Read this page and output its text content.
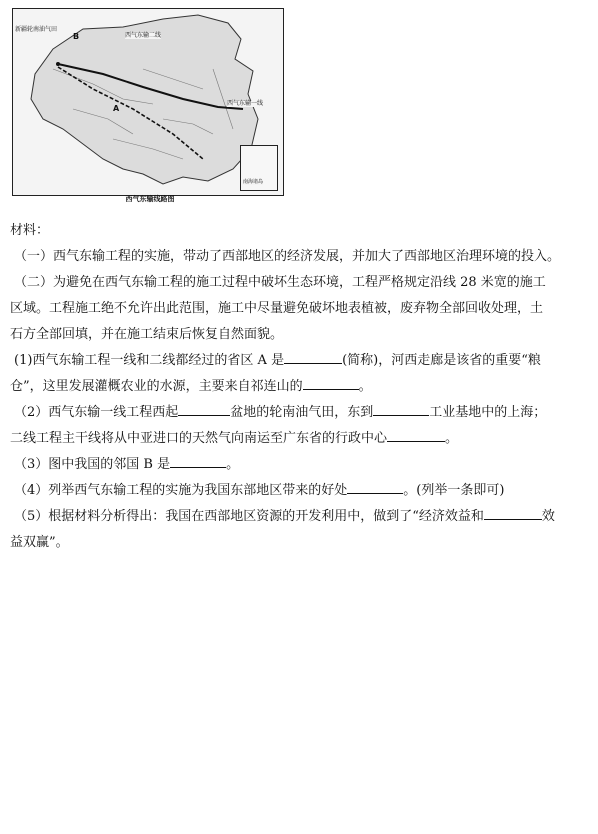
B
新疆轮南油气田
西气东输二线
西气东输一线
A
南海诸岛
西气东输线路图
材料：
（一）西气东输工程的实施，带动了西部地区的经济发展，并加大了西部地区治理环境的投入。
（二）为避免在西气东输工程的施工过程中破坏生态环境，工程严格规定沿线 28 米宽的施工
区域。工程施工绝不允许出此范围，施工中尽量避免破坏地表植被，废弃物全部回收处理，土
石方全部回填，并在施工结束后恢复自然面貌。
(1)西气东输工程一线和二线都经过的省区 A 是	(简称)，河西走廊是该省的重要“粮
仓”，这里发展灌概农业的水源，主要来自祁连山的	。
（2）西气东输一线工程西起	盆地的轮南油气田，东到	工业基地中的上海；
二线工程主干线将从中亚进口的天然气向南运至广东省的行政中心	。
（3）图中我国的邻国 B 是	。
（4）列举西气东输工程的实施为我国东部地区带来的好处	。(列举一条即可)
（5）根据材料分析得出：我国在西部地区资源的开发利用中，做到了“经济效益和	效
益双赢”。
